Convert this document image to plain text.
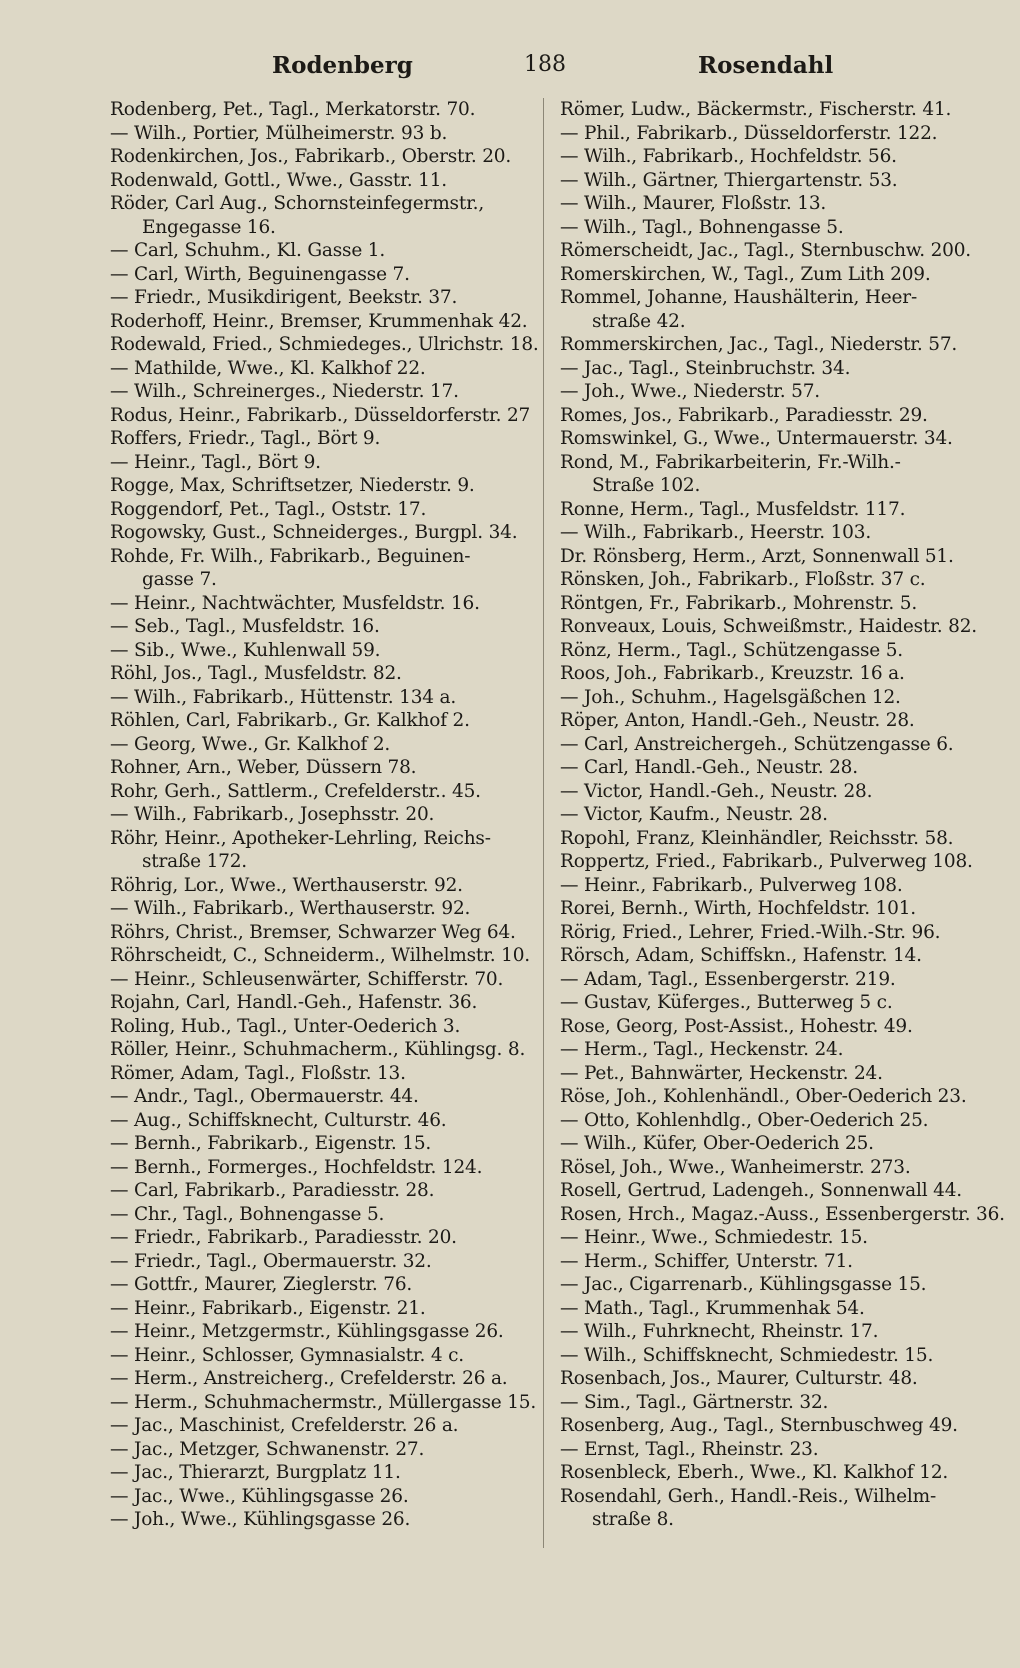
Rodenberg	188	Rosendahl
Rodenberg, Pet., Tagl., Merkatorstr. 70.
— Wilh., Portier, Mülheimerstr. 93 b.
Rodenkirchen, Jos., Fabrikarb., Oberstr. 20.
Rodenwald, Gottl., Wwe., Gasstr. 11.
Röder, Carl Aug., Schornsteinfegermstr.,
Engegasse 16.
— Carl, Schuhm., Kl. Gasse 1.
— Carl, Wirth, Beguinengasse 7.
— Friedr., Musikdirigent, Beekstr. 37.
Roderhoff, Heinr., Bremser, Krummenhak 42.
Rodewald, Fried., Schmiedeges., Ulrichstr. 18.
— Mathilde, Wwe., Kl. Kalkhof 22.
— Wilh., Schreinerges., Niederstr. 17.
Rodus, Heinr., Fabrikarb., Düsseldorferstr. 27
Roffers, Friedr., Tagl., Bört 9.
— Heinr., Tagl., Bört 9.
Rogge, Max, Schriftsetzer, Niederstr. 9.
Roggendorf, Pet., Tagl., Oststr. 17.
Rogowsky, Gust., Schneiderges., Burgpl. 34.
Rohde, Fr. Wilh., Fabrikarb., Beguinen-
gasse 7.
— Heinr., Nachtwächter, Musfeldstr. 16.
— Seb., Tagl., Musfeldstr. 16.
— Sib., Wwe., Kuhlenwall 59.
Röhl, Jos., Tagl., Musfeldstr. 82.
— Wilh., Fabrikarb., Hüttenstr. 134 a.
Röhlen, Carl, Fabrikarb., Gr. Kalkhof 2.
— Georg, Wwe., Gr. Kalkhof 2.
Rohner, Arn., Weber, Düssern 78.
Rohr, Gerh., Sattlerm., Crefelderstr.. 45.
— Wilh., Fabrikarb., Josephsstr. 20.
Röhr, Heinr., Apotheker-Lehrling, Reichs-
straße 172.
Röhrig, Lor., Wwe., Werthauserstr. 92.
— Wilh., Fabrikarb., Werthauserstr. 92.
Röhrs, Christ., Bremser, Schwarzer Weg 64.
Röhrscheidt, C., Schneiderm., Wilhelmstr. 10.
— Heinr., Schleusenwärter, Schifferstr. 70.
Rojahn, Carl, Handl.-Geh., Hafenstr. 36.
Roling, Hub., Tagl., Unter-Oederich 3.
Röller, Heinr., Schuhmacherm., Kühlingsg. 8.
Römer, Adam, Tagl., Floßstr. 13.
— Andr., Tagl., Obermauerstr. 44.
— Aug., Schiffsknecht, Culturstr. 46.
— Bernh., Fabrikarb., Eigenstr. 15.
— Bernh., Formerges., Hochfeldstr. 124.
— Carl, Fabrikarb., Paradiesstr. 28.
— Chr., Tagl., Bohnengasse 5.
— Friedr., Fabrikarb., Paradiesstr. 20.
— Friedr., Tagl., Obermauerstr. 32.
— Gottfr., Maurer, Zieglerstr. 76.
— Heinr., Fabrikarb., Eigenstr. 21.
— Heinr., Metzgermstr., Kühlingsgasse 26.
— Heinr., Schlosser, Gymnasialstr. 4 c.
— Herm., Anstreicherg., Crefelderstr. 26 a.
— Herm., Schuhmachermstr., Müllergasse 15.
— Jac., Maschinist, Crefelderstr. 26 a.
— Jac., Metzger, Schwanenstr. 27.
— Jac., Thierarzt, Burgplatz 11.
— Jac., Wwe., Kühlingsgasse 26.
— Joh., Wwe., Kühlingsgasse 26.
Römer, Ludw., Bäckermstr., Fischerstr. 41.
— Phil., Fabrikarb., Düsseldorferstr. 122.
— Wilh., Fabrikarb., Hochfeldstr. 56.
— Wilh., Gärtner, Thiergartenstr. 53.
— Wilh., Maurer, Floßstr. 13.
— Wilh., Tagl., Bohnengasse 5.
Römerscheidt, Jac., Tagl., Sternbuschw. 200.
Romerskirchen, W., Tagl., Zum Lith 209.
Rommel, Johanne, Haushälterin, Heer-
straße 42.
Rommerskirchen, Jac., Tagl., Niederstr. 57.
— Jac., Tagl., Steinbruchstr. 34.
— Joh., Wwe., Niederstr. 57.
Romes, Jos., Fabrikarb., Paradiesstr. 29.
Romswinkel, G., Wwe., Untermauerstr. 34.
Rond, M., Fabrikarbeiterin, Fr.-Wilh.-
Straße 102.
Ronne, Herm., Tagl., Musfeldstr. 117.
— Wilh., Fabrikarb., Heerstr. 103.
Dr. Rönsberg, Herm., Arzt, Sonnenwall 51.
Rönsken, Joh., Fabrikarb., Floßstr. 37 c.
Röntgen, Fr., Fabrikarb., Mohrenstr. 5.
Ronveaux, Louis, Schweißmstr., Haidestr. 82.
Rönz, Herm., Tagl., Schützengasse 5.
Roos, Joh., Fabrikarb., Kreuzstr. 16 a.
— Joh., Schuhm., Hagelsgäßchen 12.
Röper, Anton, Handl.-Geh., Neustr. 28.
— Carl, Anstreichergeh., Schützengasse 6.
— Carl, Handl.-Geh., Neustr. 28.
— Victor, Handl.-Geh., Neustr. 28.
— Victor, Kaufm., Neustr. 28.
Ropohl, Franz, Kleinhändler, Reichsstr. 58.
Roppertz, Fried., Fabrikarb., Pulverweg 108.
— Heinr., Fabrikarb., Pulverweg 108.
Rorei, Bernh., Wirth, Hochfeldstr. 101.
Rörig, Fried., Lehrer, Fried.-Wilh.-Str. 96.
Rörsch, Adam, Schiffskn., Hafenstr. 14.
— Adam, Tagl., Essenbergerstr. 219.
— Gustav, Küferges., Butterweg 5 c.
Rose, Georg, Post-Assist., Hohestr. 49.
— Herm., Tagl., Heckenstr. 24.
— Pet., Bahnwärter, Heckenstr. 24.
Röse, Joh., Kohlenhändl., Ober-Oederich 23.
— Otto, Kohlenhdlg., Ober-Oederich 25.
— Wilh., Küfer, Ober-Oederich 25.
Rösel, Joh., Wwe., Wanheimerstr. 273.
Rosell, Gertrud, Ladengeh., Sonnenwall 44.
Rosen, Hrch., Magaz.-Auss., Essenbergerstr. 36.
— Heinr., Wwe., Schmiedestr. 15.
— Herm., Schiffer, Unterstr. 71.
— Jac., Cigarrenarb., Kühlingsgasse 15.
— Math., Tagl., Krummenhak 54.
— Wilh., Fuhrknecht, Rheinstr. 17.
— Wilh., Schiffsknecht, Schmiedestr. 15.
Rosenbach, Jos., Maurer, Culturstr. 48.
— Sim., Tagl., Gärtnerstr. 32.
Rosenberg, Aug., Tagl., Sternbuschweg 49.
— Ernst, Tagl., Rheinstr. 23.
Rosenbleck, Eberh., Wwe., Kl. Kalkhof 12.
Rosendahl, Gerh., Handl.-Reis., Wilhelm-
straße 8.
